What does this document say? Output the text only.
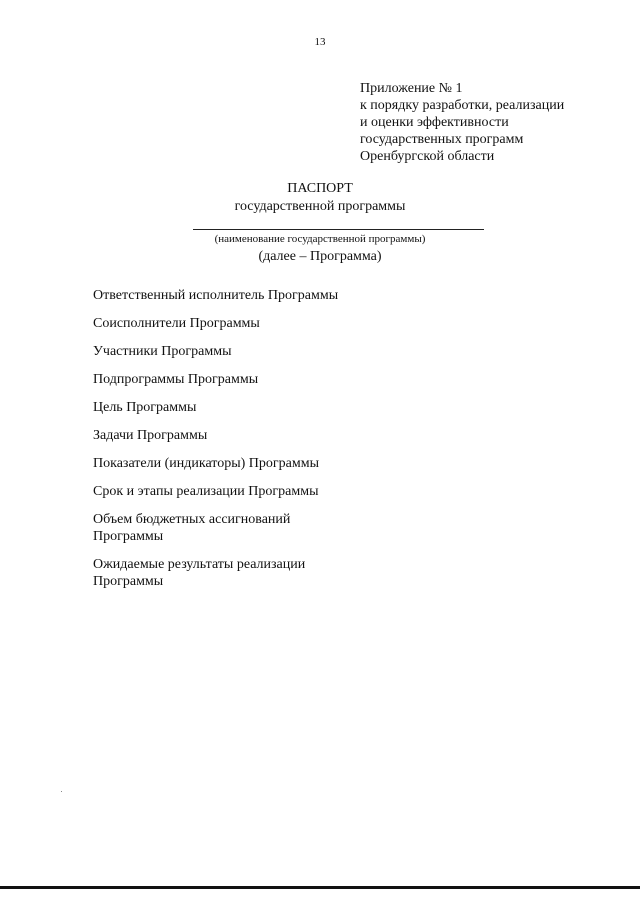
13
Приложение № 1
к порядку разработки, реализации
и оценки эффективности
государственных программ
Оренбургской области
ПАСПОРТ
государственной программы
(наименование государственной программы)
(далее – Программа)
Ответственный исполнитель Программы
Соисполнители Программы
Участники Программы
Подпрограммы Программы
Цель Программы
Задачи Программы
Показатели (индикаторы) Программы
Срок и этапы реализации Программы
Объем бюджетных ассигнований Программы
Ожидаемые результаты реализации Программы
